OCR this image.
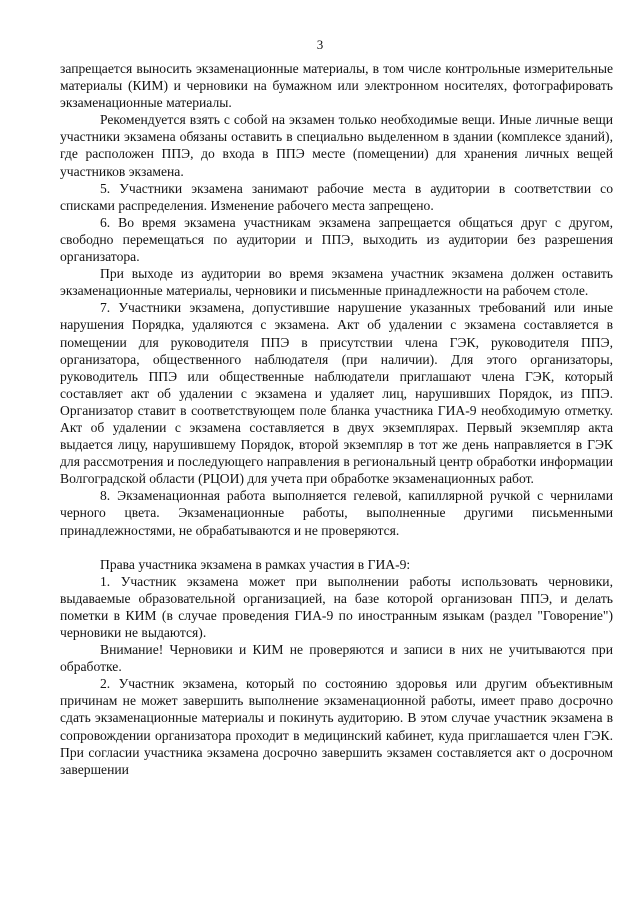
3

запрещается выносить экзаменационные материалы, в том числе контрольные измерительные материалы (КИМ) и черновики на бумажном или электронном носителях, фотографировать экзаменационные материалы.

Рекомендуется взять с собой на экзамен только необходимые вещи. Иные личные вещи участники экзамена обязаны оставить в специально выделенном в здании (комплексе зданий), где расположен ППЭ, до входа в ППЭ месте (помещении) для хранения личных вещей участников экзамена.

5. Участники экзамена занимают рабочие места в аудитории в соответствии со списками распределения. Изменение рабочего места запрещено.

6. Во время экзамена участникам экзамена запрещается общаться друг с другом, свободно перемещаться по аудитории и ППЭ, выходить из аудитории без разрешения организатора.

При выходе из аудитории во время экзамена участник экзамена должен оставить экзаменационные материалы, черновики и письменные принадлежности на рабочем столе.

7. Участники экзамена, допустившие нарушение указанных требований или иные нарушения Порядка, удаляются с экзамена. Акт об удалении с экзамена составляется в помещении для руководителя ППЭ в присутствии члена ГЭК, руководителя ППЭ, организатора, общественного наблюдателя (при наличии). Для этого организаторы, руководитель ППЭ или общественные наблюдатели приглашают члена ГЭК, который составляет акт об удалении с экзамена и удаляет лиц, нарушивших Порядок, из ППЭ. Организатор ставит в соответствующем поле бланка участника ГИА-9 необходимую отметку. Акт об удалении с экзамена составляется в двух экземплярах. Первый экземпляр акта выдается лицу, нарушившему Порядок, второй экземпляр в тот же день направляется в ГЭК для рассмотрения и последующего направления в региональный центр обработки информации Волгоградской области (РЦОИ) для учета при обработке экзаменационных работ.

8. Экзаменационная работа выполняется гелевой, капиллярной ручкой с чернилами черного цвета. Экзаменационные работы, выполненные другими письменными принадлежностями, не обрабатываются и не проверяются.

Права участника экзамена в рамках участия в ГИА-9:

1. Участник экзамена может при выполнении работы использовать черновики, выдаваемые образовательной организацией, на базе которой организован ППЭ, и делать пометки в КИМ (в случае проведения ГИА-9 по иностранным языкам (раздел "Говорение") черновики не выдаются).

Внимание! Черновики и КИМ не проверяются и записи в них не учитываются при обработке.

2. Участник экзамена, который по состоянию здоровья или другим объективным причинам не может завершить выполнение экзаменационной работы, имеет право досрочно сдать экзаменационные материалы и покинуть аудиторию. В этом случае участник экзамена в сопровождении организатора проходит в медицинский кабинет, куда приглашается член ГЭК. При согласии участника экзамена досрочно завершить экзамен составляется акт о досрочном завершении
